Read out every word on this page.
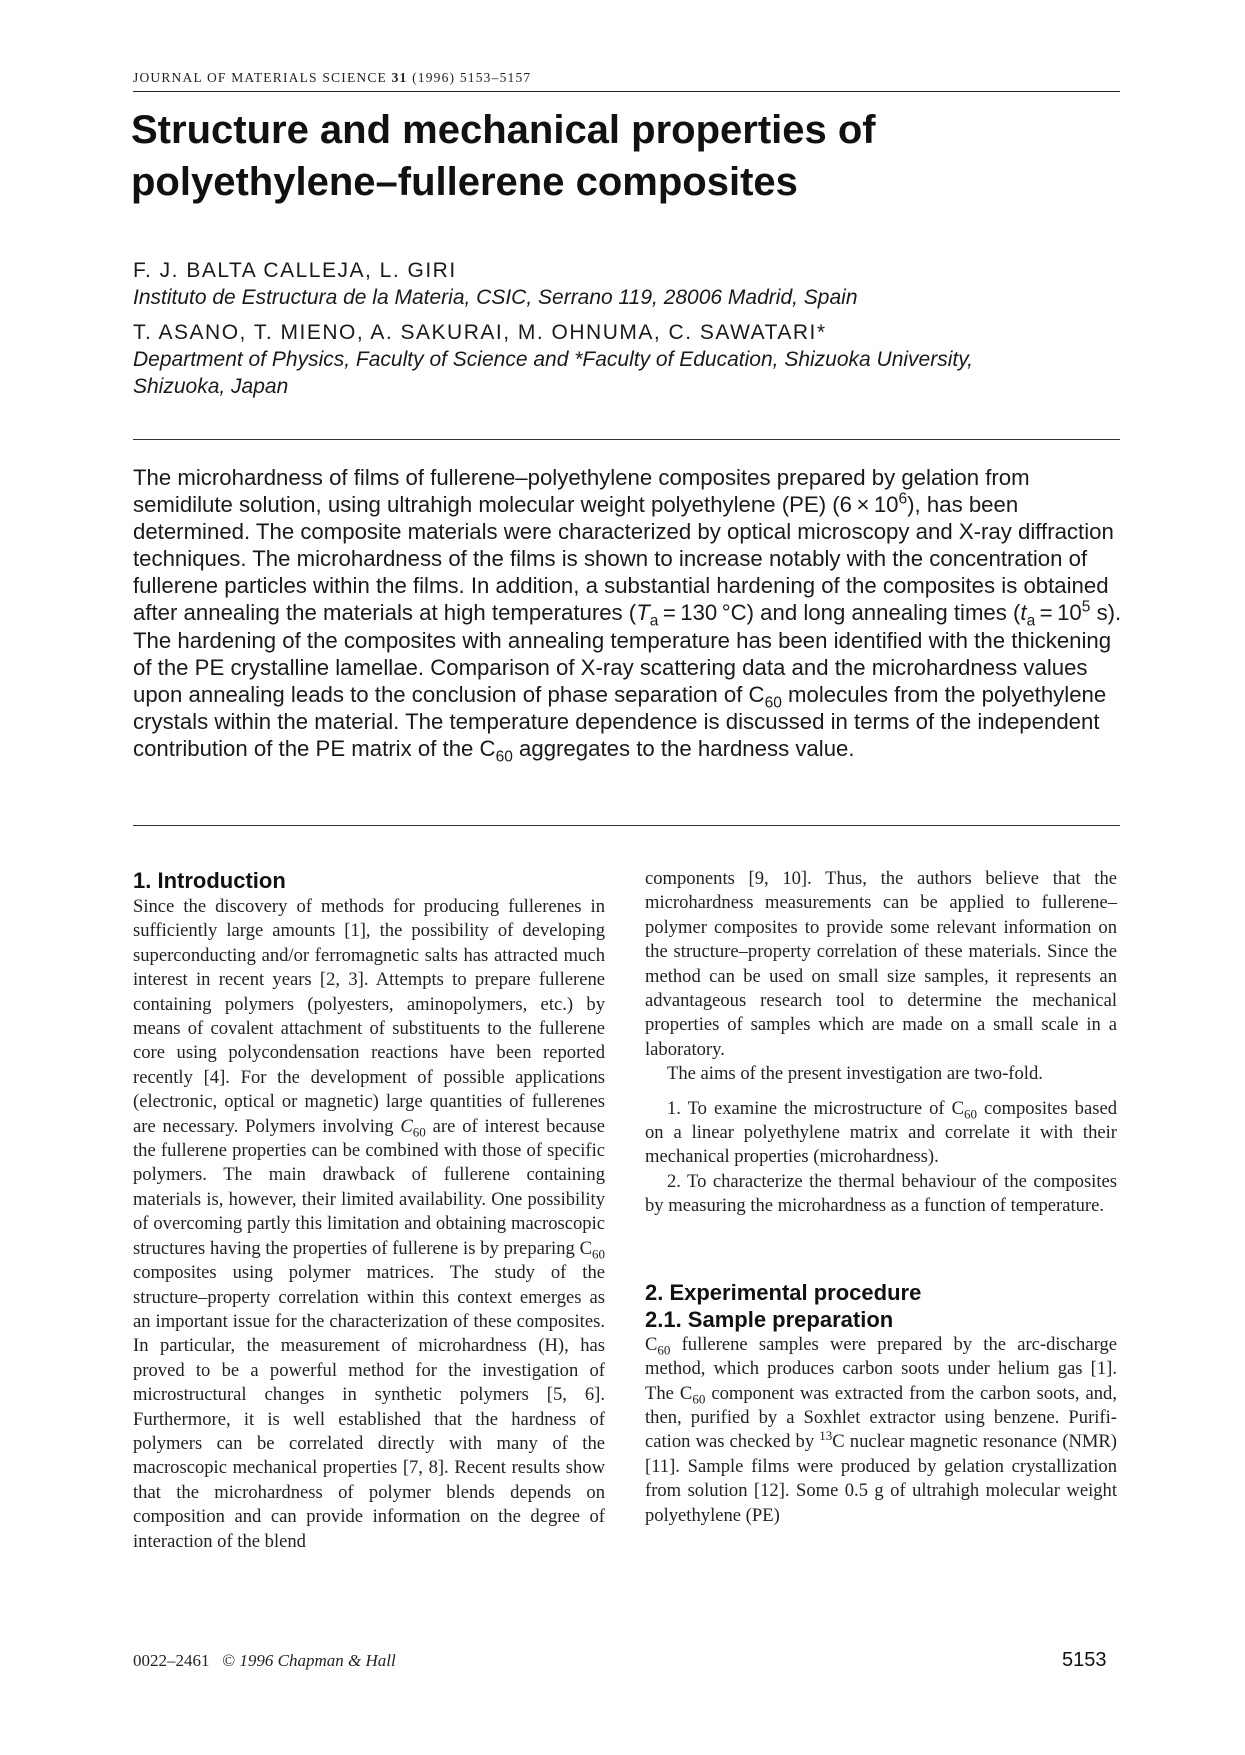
JOURNAL OF MATERIALS SCIENCE 31 (1996) 5153–5157
Structure and mechanical properties of
polyethylene–fullerene composites
F. J. BALTA CALLEJA, L. GIRI
Instituto de Estructura de la Materia, CSIC, Serrano 119, 28006 Madrid, Spain
T. ASANO, T. MIENO, A. SAKURAI, M. OHNUMA, C. SAWATARI*
Department of Physics, Faculty of Science and *Faculty of Education, Shizuoka University,
Shizuoka, Japan

The microhardness of films of fullerene–polyethylene composites prepared by gelation from semidilute solution, using ultrahigh molecular weight polyethylene (PE) $(6 \times 10^6)$, has been determined. The composite materials were characterized by optical microscopy and X-ray diffraction techniques. The microhardness of the films is shown to increase notably with the concentration of fullerene particles within the films. In addition, a substantial hardening of the composites is obtained after annealing the materials at high temperatures ($T_a = 130$ °C) and long annealing times ($t_a = 10^5$ s). The hardening of the composites with annealing temperature has been identified with the thickening of the PE crystalline lamellae. Comparison of X-ray scattering data and the microhardness values upon annealing leads to the conclusion of phase separation of $C_{60}$ molecules from the polyethylene crystals within the material. The temperature dependence is discussed in terms of the independent contribution of the PE matrix of the $C_{60}$ aggregates to the hardness value.

1. Introduction

Since the discovery of methods for producing fullerenes in sufficiently large amounts [1], the possibility of developing superconducting and/or ferromagnetic salts has attracted much interest in recent years [2, 3]. Attempts to prepare fullerene containing polymers (polyesters, aminopolymers, etc.) by means of covalent attachment of substituents to the fullerene core using polycondensation reactions have been reported recently [4]. For the development of possible applications (electronic, optical or magnetic) large quantities of fullerenes are necessary. Polymers involving $C_{60}$ are of interest because the fullerene properties can be combined with those of specific polymers. The main drawback of fullerene containing materials is, however, their limited availability. One possibility of overcoming partly this limitation and obtaining macroscopic structures having the properties of fullerene is by preparing $C_{60}$ composites using polymer matrices. The study of the structure–property correlation within this context emerges as an important issue for the characterization of these composites. In particular, the measurement of microhardness (H), has proved to be a powerful method for the investigation of microstructural changes in synthetic polymers [5, 6]. Furthermore, it is well established that the hardness of polymers can be correlated directly with many of the macroscopic mechanical properties [7, 8]. Recent results show that the microhardness of polymer blends depends on composition and can provide information on the degree of interaction of the blend

components [9, 10]. Thus, the authors believe that the microhardness measurements can be applied to fullerene–polymer composites to provide some relevant information on the structure–property correlation of these materials. Since the method can be used on small size samples, it represents an advantageous research tool to determine the mechanical properties of samples which are made on a small scale in a laboratory.

The aims of the present investigation are two-fold.

1. To examine the microstructure of $C_{60}$ composites based on a linear polyethylene matrix and correlate it with their mechanical properties (microhardness).

2. To characterize the thermal behaviour of the composites by measuring the microhardness as a function of temperature.

2. Experimental procedure
2.1. Sample preparation

$C_{60}$ fullerene samples were prepared by the arc-discharge method, which produces carbon soots under helium gas [1]. The $C_{60}$ component was extracted from the carbon soots, and, then, purified by a Soxhlet extractor using benzene. Purification was checked by $^{13}$C nuclear magnetic resonance (NMR) [11]. Sample films were produced by gelation crystallization from solution [12]. Some 0.5 g of ultrahigh molecular weight polyethylene (PE)

0022–2461 © 1996 Chapman & Hall	5153
